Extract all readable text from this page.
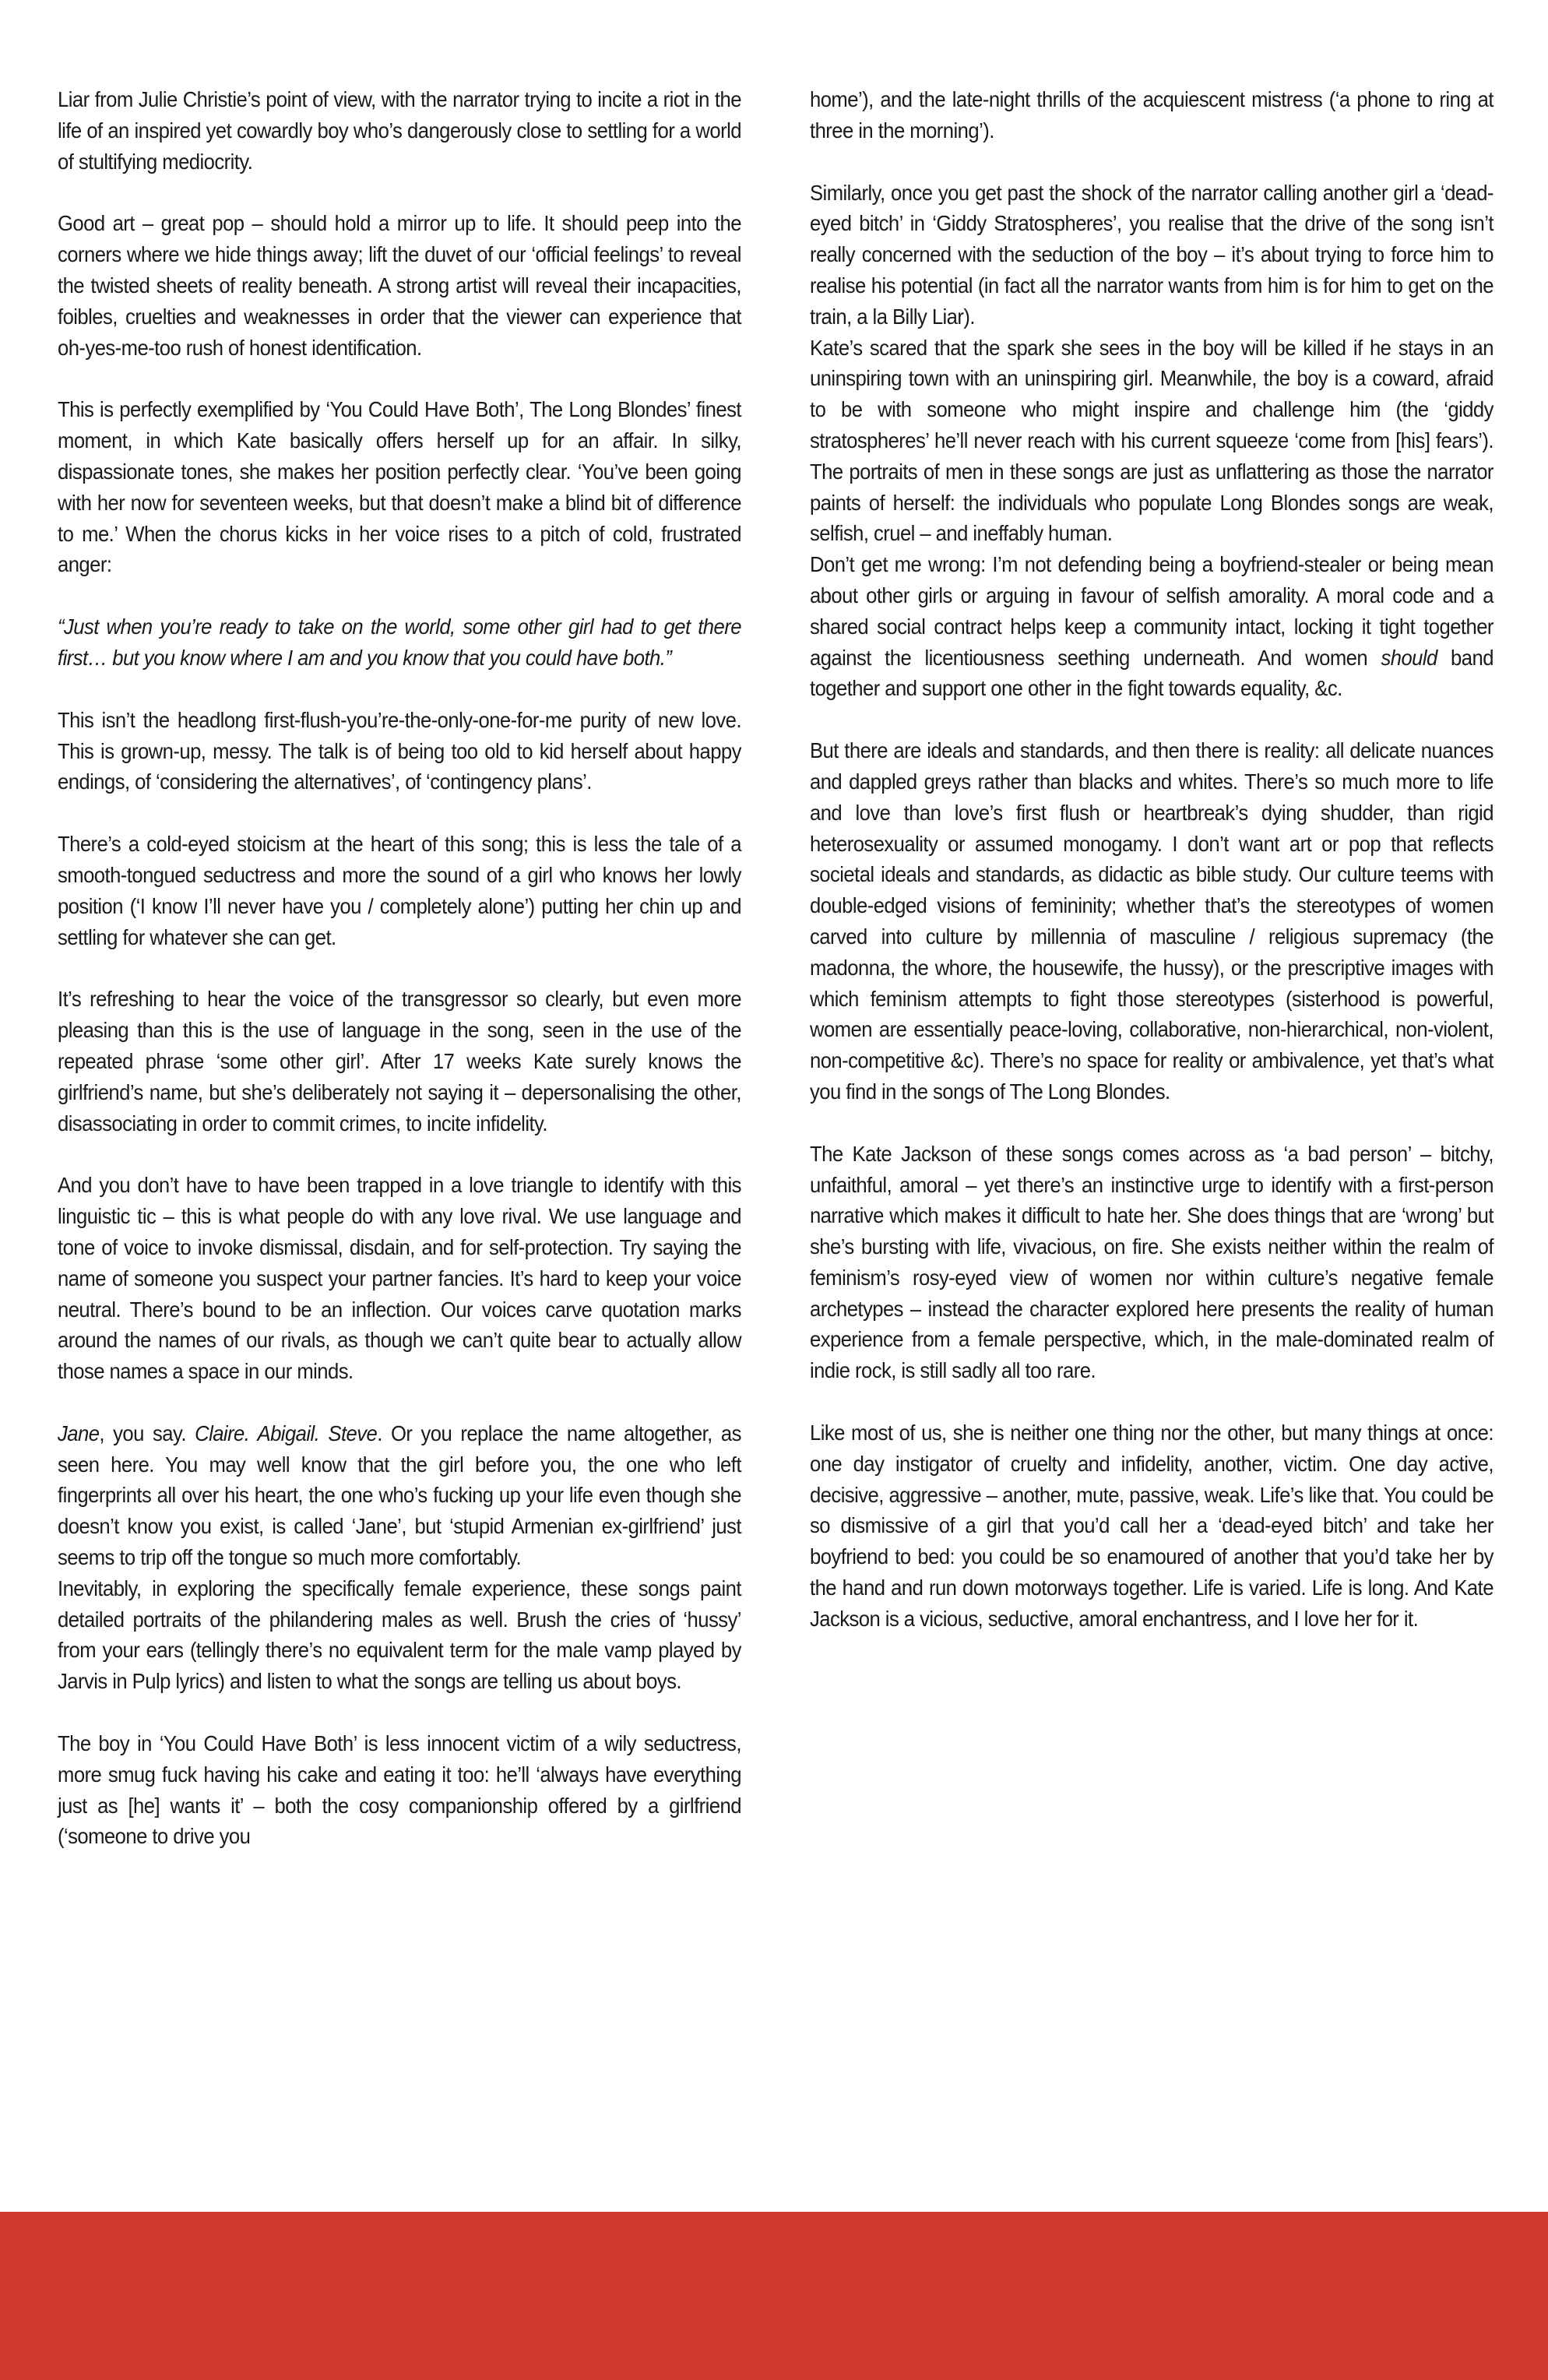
Liar from Julie Christie’s point of view, with the narrator trying to incite a riot in the life of an inspired yet cowardly boy who’s dangerously close to settling for a world of stultifying mediocrity.

Good art – great pop – should hold a mirror up to life. It should peep into the corners where we hide things away; lift the duvet of our ‘official feelings’ to reveal the twisted sheets of reality beneath. A strong artist will reveal their incapacities, foibles, cruelties and weaknesses in order that the viewer can experience that oh-yes-me-too rush of honest identification.

This is perfectly exemplified by ‘You Could Have Both’, The Long Blondes’ finest moment, in which Kate basically offers herself up for an affair. In silky, dispassionate tones, she makes her position perfectly clear. ‘You’ve been going with her now for seventeen weeks, but that doesn’t make a blind bit of difference to me.’ When the chorus kicks in her voice rises to a pitch of cold, frustrated anger:

“Just when you’re ready to take on the world, some other girl had to get there first… but you know where I am and you know that you could have both.”

This isn’t the headlong first-flush-you’re-the-only-one-for-me purity of new love. This is grown-up, messy. The talk is of being too old to kid herself about happy endings, of ‘considering the alternatives’, of ‘contingency plans’.

There’s a cold-eyed stoicism at the heart of this song; this is less the tale of a smooth-tongued seductress and more the sound of a girl who knows her lowly position (‘I know I’ll never have you / completely alone’) putting her chin up and settling for whatever she can get.

It’s refreshing to hear the voice of the transgressor so clearly, but even more pleasing than this is the use of language in the song, seen in the use of the repeated phrase ‘some other girl’. After 17 weeks Kate surely knows the girlfriend’s name, but she’s deliberately not saying it – depersonalising the other, disassociating in order to commit crimes, to incite infidelity.

And you don’t have to have been trapped in a love triangle to identify with this linguistic tic – this is what people do with any love rival. We use language and tone of voice to invoke dismissal, disdain, and for self-protection. Try saying the name of someone you suspect your partner fancies. It’s hard to keep your voice neutral. There’s bound to be an inflection. Our voices carve quotation marks around the names of our rivals, as though we can’t quite bear to actually allow those names a space in our minds.

Jane, you say. Claire. Abigail. Steve. Or you replace the name altogether, as seen here. You may well know that the girl before you, the one who left fingerprints all over his heart, the one who’s fucking up your life even though she doesn’t know you exist, is called ‘Jane’, but ‘stupid Armenian ex-girlfriend’ just seems to trip off the tongue so much more comfortably.

Inevitably, in exploring the specifically female experience, these songs paint detailed portraits of the philandering males as well. Brush the cries of ‘hussy’ from your ears (tellingly there’s no equivalent term for the male vamp played by Jarvis in Pulp lyrics) and listen to what the songs are telling us about boys.

The boy in ‘You Could Have Both’ is less innocent victim of a wily seductress, more smug fuck having his cake and eating it too: he’ll ‘always have everything just as [he] wants it’ – both the cosy companionship offered by a girlfriend (‘someone to drive you

home’), and the late-night thrills of the acquiescent mistress (‘a phone to ring at three in the morning’).

Similarly, once you get past the shock of the narrator calling another girl a ‘dead-eyed bitch’ in ‘Giddy Stratospheres’, you realise that the drive of the song isn’t really concerned with the seduction of the boy – it’s about trying to force him to realise his potential (in fact all the narrator wants from him is for him to get on the train, a la Billy Liar).

Kate’s scared that the spark she sees in the boy will be killed if he stays in an uninspiring town with an uninspiring girl. Meanwhile, the boy is a coward, afraid to be with someone who might inspire and challenge him (the ‘giddy stratospheres’ he’ll never reach with his current squeeze ‘come from [his] fears’). The portraits of men in these songs are just as unflattering as those the narrator paints of herself: the individuals who populate Long Blondes songs are weak, selfish, cruel – and ineffably human.

Don’t get me wrong: I’m not defending being a boyfriend-stealer or being mean about other girls or arguing in favour of selfish amorality. A moral code and a shared social contract helps keep a community intact, locking it tight together against the licentiousness seething underneath. And women should band together and support one other in the fight towards equality, &c.

But there are ideals and standards, and then there is reality: all delicate nuances and dappled greys rather than blacks and whites. There’s so much more to life and love than love’s first flush or heartbreak’s dying shudder, than rigid heterosexuality or assumed monogamy. I don’t want art or pop that reflects societal ideals and standards, as didactic as bible study. Our culture teems with double-edged visions of femininity; whether that’s the stereotypes of women carved into culture by millennia of masculine / religious supremacy (the madonna, the whore, the housewife, the hussy), or the prescriptive images with which feminism attempts to fight those stereotypes (sisterhood is powerful, women are essentially peace-loving, collaborative, non-hierarchical, non-violent, non-competitive &c). There’s no space for reality or ambivalence, yet that’s what you find in the songs of The Long Blondes.

The Kate Jackson of these songs comes across as ‘a bad person’ – bitchy, unfaithful, amoral – yet there’s an instinctive urge to identify with a first-person narrative which makes it difficult to hate her. She does things that are ‘wrong’ but she’s bursting with life, vivacious, on fire. She exists neither within the realm of feminism’s rosy-eyed view of women nor within culture’s negative female archetypes – instead the character explored here presents the reality of human experience from a female perspective, which, in the male-dominated realm of indie rock, is still sadly all too rare.

Like most of us, she is neither one thing nor the other, but many things at once: one day instigator of cruelty and infidelity, another, victim. One day active, decisive, aggressive – another, mute, passive, weak. Life’s like that. You could be so dismissive of a girl that you’d call her a ‘dead-eyed bitch’ and take her boyfriend to bed: you could be so enamoured of another that you’d take her by the hand and run down motorways together. Life is varied. Life is long. And Kate Jackson is a vicious, seductive, amoral enchantress, and I love her for it.
